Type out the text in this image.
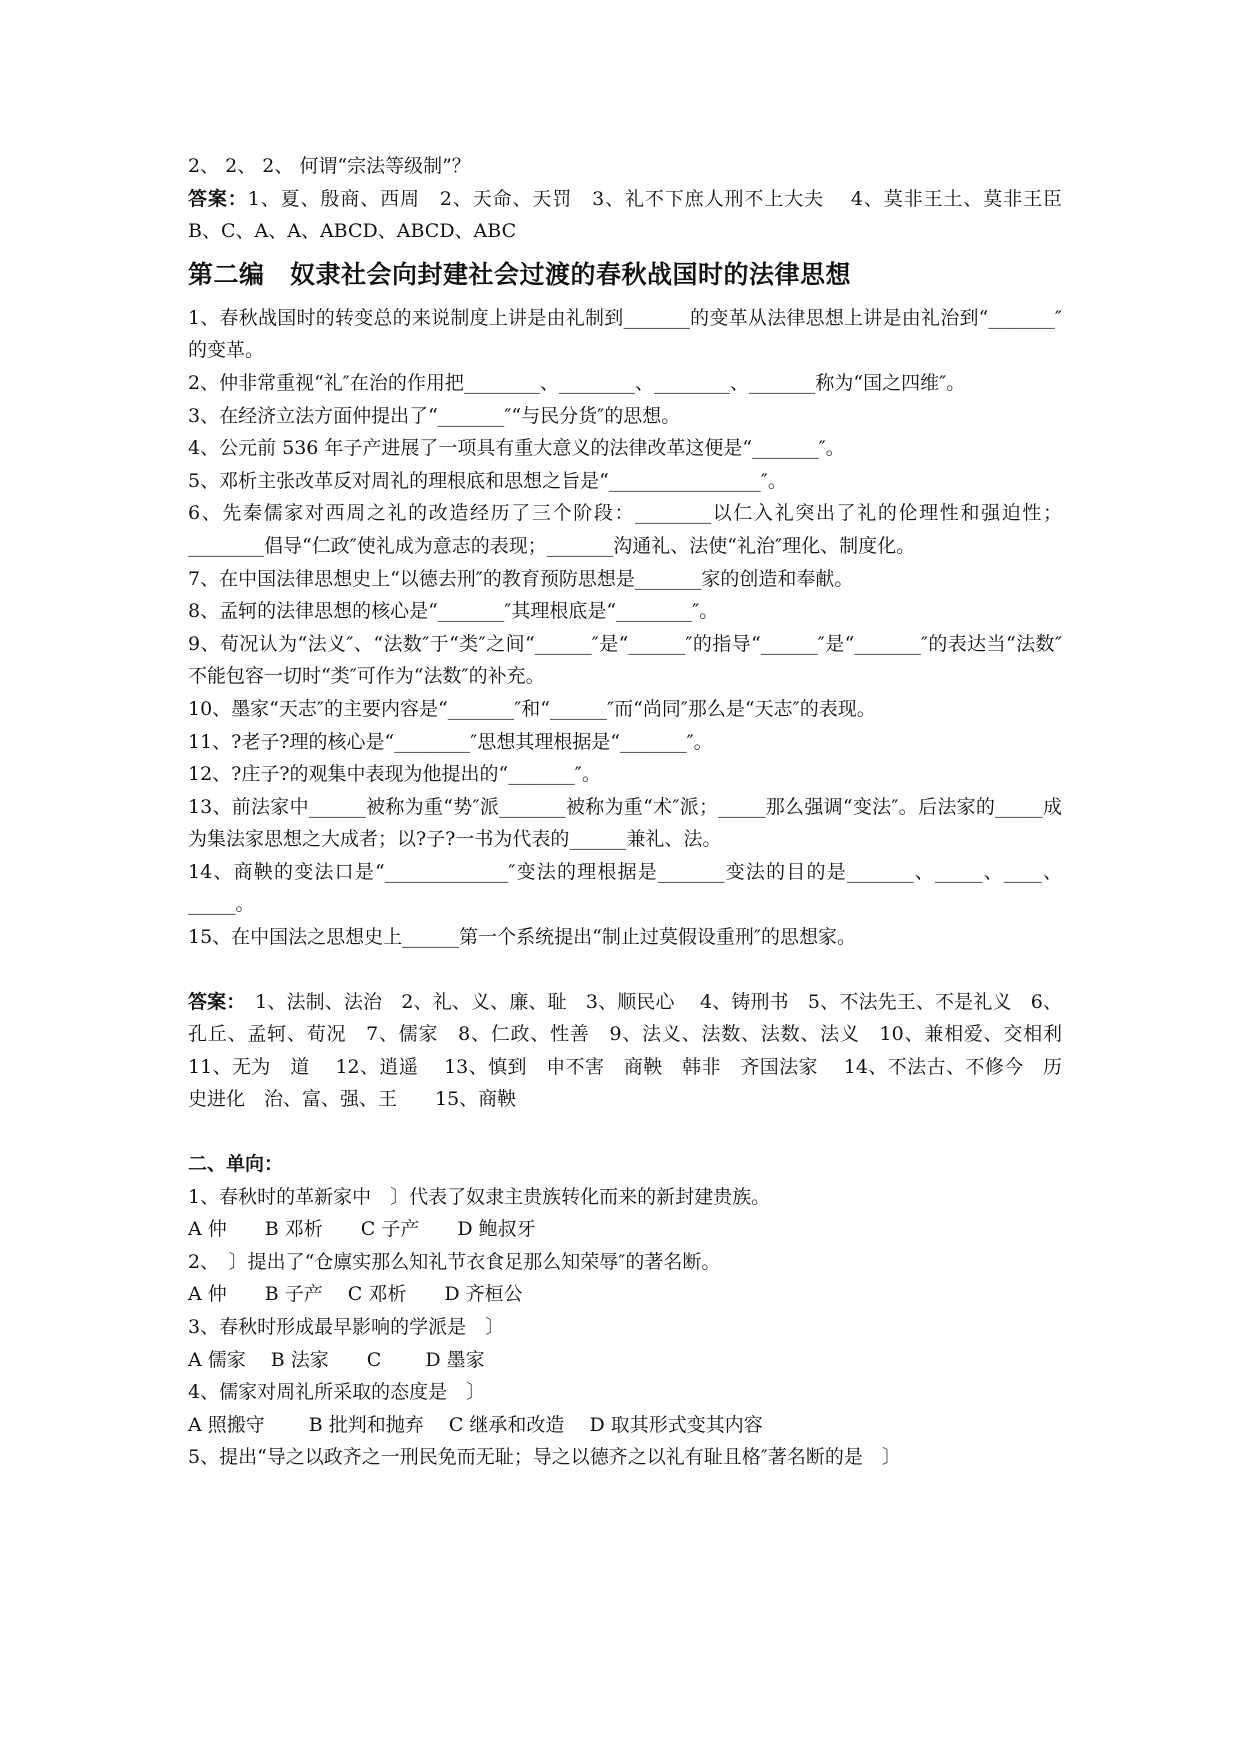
2、 2、 2、 何谓“宗法等级制”？

答案：1、夏、殷商、西周　2、天命、天罚　3、礼不下庶人刑不上大夫　 4、莫非王土、莫非王臣　 B、C、A、A、ABCD、ABCD、ABC

第二编　奴隶社会向封建社会过渡的春秋战国时的法律思想

1、春秋战国时的转变总的来说制度上讲是由礼制到_______的变革从法律思想上讲是由礼治到“_______″的变革。

2、仲非常重视“礼″在治的作用把________、________、________、_______称为“国之四维″。

3、在经济立法方面仲提出了“_______″“与民分货″的思想。

4、公元前 536 年子产进展了一项具有重大意义的法律改革这便是“_______″。

5、邓析主张改革反对周礼的理根底和思想之旨是“________________″。

6、先秦儒家对西周之礼的改造经历了三个阶段：________以仁入礼突出了礼的伦理性和强迫性；________倡导“仁政″使礼成为意志的表现；_______沟通礼、法使“礼治″理化、制度化。

7、在中国法律思想史上“以德去刑″的教育预防思想是_______家的创造和奉献。

8、孟轲的法律思想的核心是“_______″其理根底是“________″。

9、荀况认为“法义″、“法数″于“类″之间“______″是“______″的指导“______″是“_______″的表达当“法数″不能包容一切时“类″可作为“法数″的补充。

10、墨家“天志″的主要内容是“_______″和“______″而“尚同″那么是“天志″的表现。

11、?老子?理的核心是“________″思想其理根据是“_______″。

12、?庄子?的观集中表现为他提出的“_______″。

13、前法家中______被称为重“势″派_______被称为重“术″派；_____那么强调“变法″。后法家的_____成为集法家思想之大成者；以?子?一书为代表的______兼礼、法。

14、商鞅的变法口是“_____________″变法的理根据是_______变法的目的是_______、_____、____、_____。

15、在中国法之思想史上______第一个系统提出“制止过莫假设重刑″的思想家。

答案：　1、法制、法治　2、礼、义、廉、耻　3、顺民心　 4、铸刑书　5、不法先王、不是礼义　6、孔丘、孟轲、荀况　7、儒家　8、仁政、性善　9、法义、法数、法数、法义　10、兼相爱、交相利　 11、无为　道　 12、逍遥　 13、慎到　申不害　商鞅　韩非　齐国法家　 14、不法古、不修今　历史进化　治、富、强、王　　15、商鞅

二、单向：

1、春秋时的革新家中　〕代表了奴隶主贵族转化而来的新封建贵族。

A 仲　　B 邓析　　C 子产　　D 鲍叔牙

2、　〕提出了“仓廪实那么知礼节衣食足那么知荣辱″的著名断。

A 仲　　B 子产　 C 邓析　　D 齐桓公

3、春秋时形成最早影响的学派是　〕

A 儒家　 B 法家　　C　　 D 墨家

4、儒家对周礼所采取的态度是　〕

A 照搬守　　 B 批判和抛弃　 C 继承和改造　 D 取其形式变其内容

5、提出“导之以政齐之一刑民免而无耻；导之以德齐之以礼有耻且格″著名断的是　〕
